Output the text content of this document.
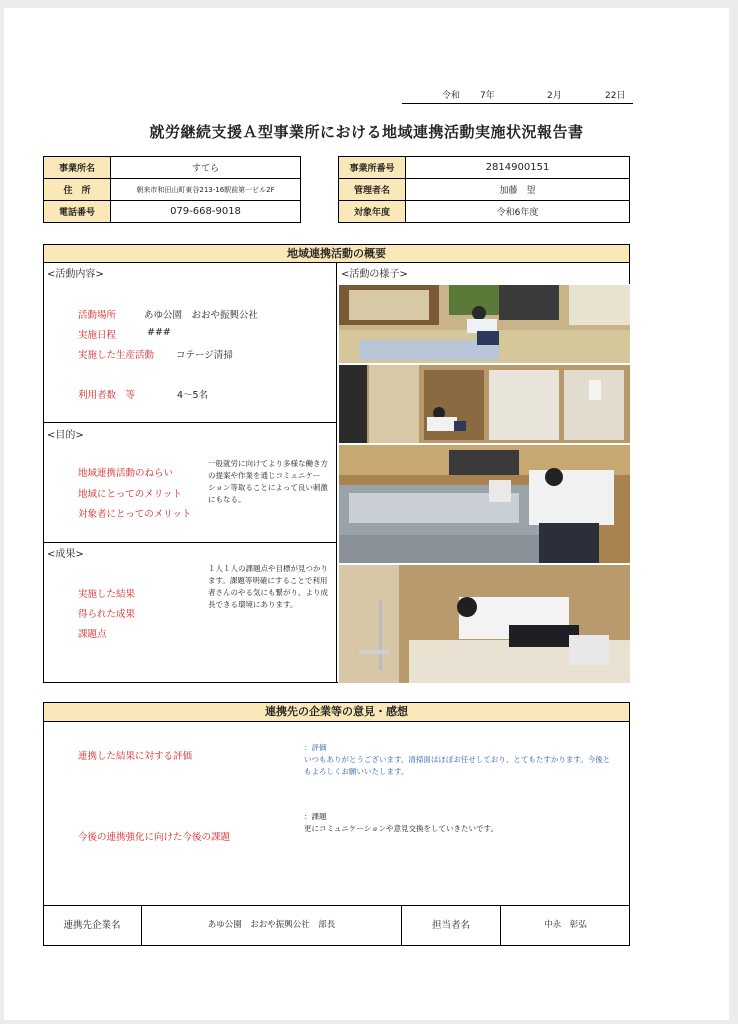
令和 7年	2月	22日
就労継続支援Ａ型事業所における地域連携活動実施状況報告書
事業所名	すてら
住　所	朝来市和田山町東谷213-16駅前第一ビル2F
電話番号	079-668-9018
事業所番号	2814900151
管理者名	加藤　望
対象年度	令和6年度
地域連携活動の概要
<活動内容>	<活動の様子>
活動場所	あゆ公園　おおや振興公社
実施日程	###
実施した生産活動 コテージ清掃
利用者数　等	4～5名
<目的>
地域連携活動のねらい
地域にとってのメリット
対象者にとってのメリット
一般就労に向けてより多様な働き方
の提案や作業を通じコミュニケー
ション等取ることによって良い刺激
にもなる。
<成果>
実施した結果
得られた成果
課題点
１人１人の課題点や目標が見つかり
ます。課題等明確にすることで利用
者さんのやる気にも繋がり、より成
長できる環境にあります。
連携先の企業等の意見・感想
連携した結果に対する評価
：評価
いつもありがとうございます。清掃面はほぼお任せしており、とてもたすかります。今後と
もよろしくお願いいたします。
今後の連携強化に向けた今後の課題
：課題
更にコミュニケーションや意見交換をしていきたいです。
連携先企業名	あゆ公園　おおや振興公社　部長	担当者名	中永　彰弘
